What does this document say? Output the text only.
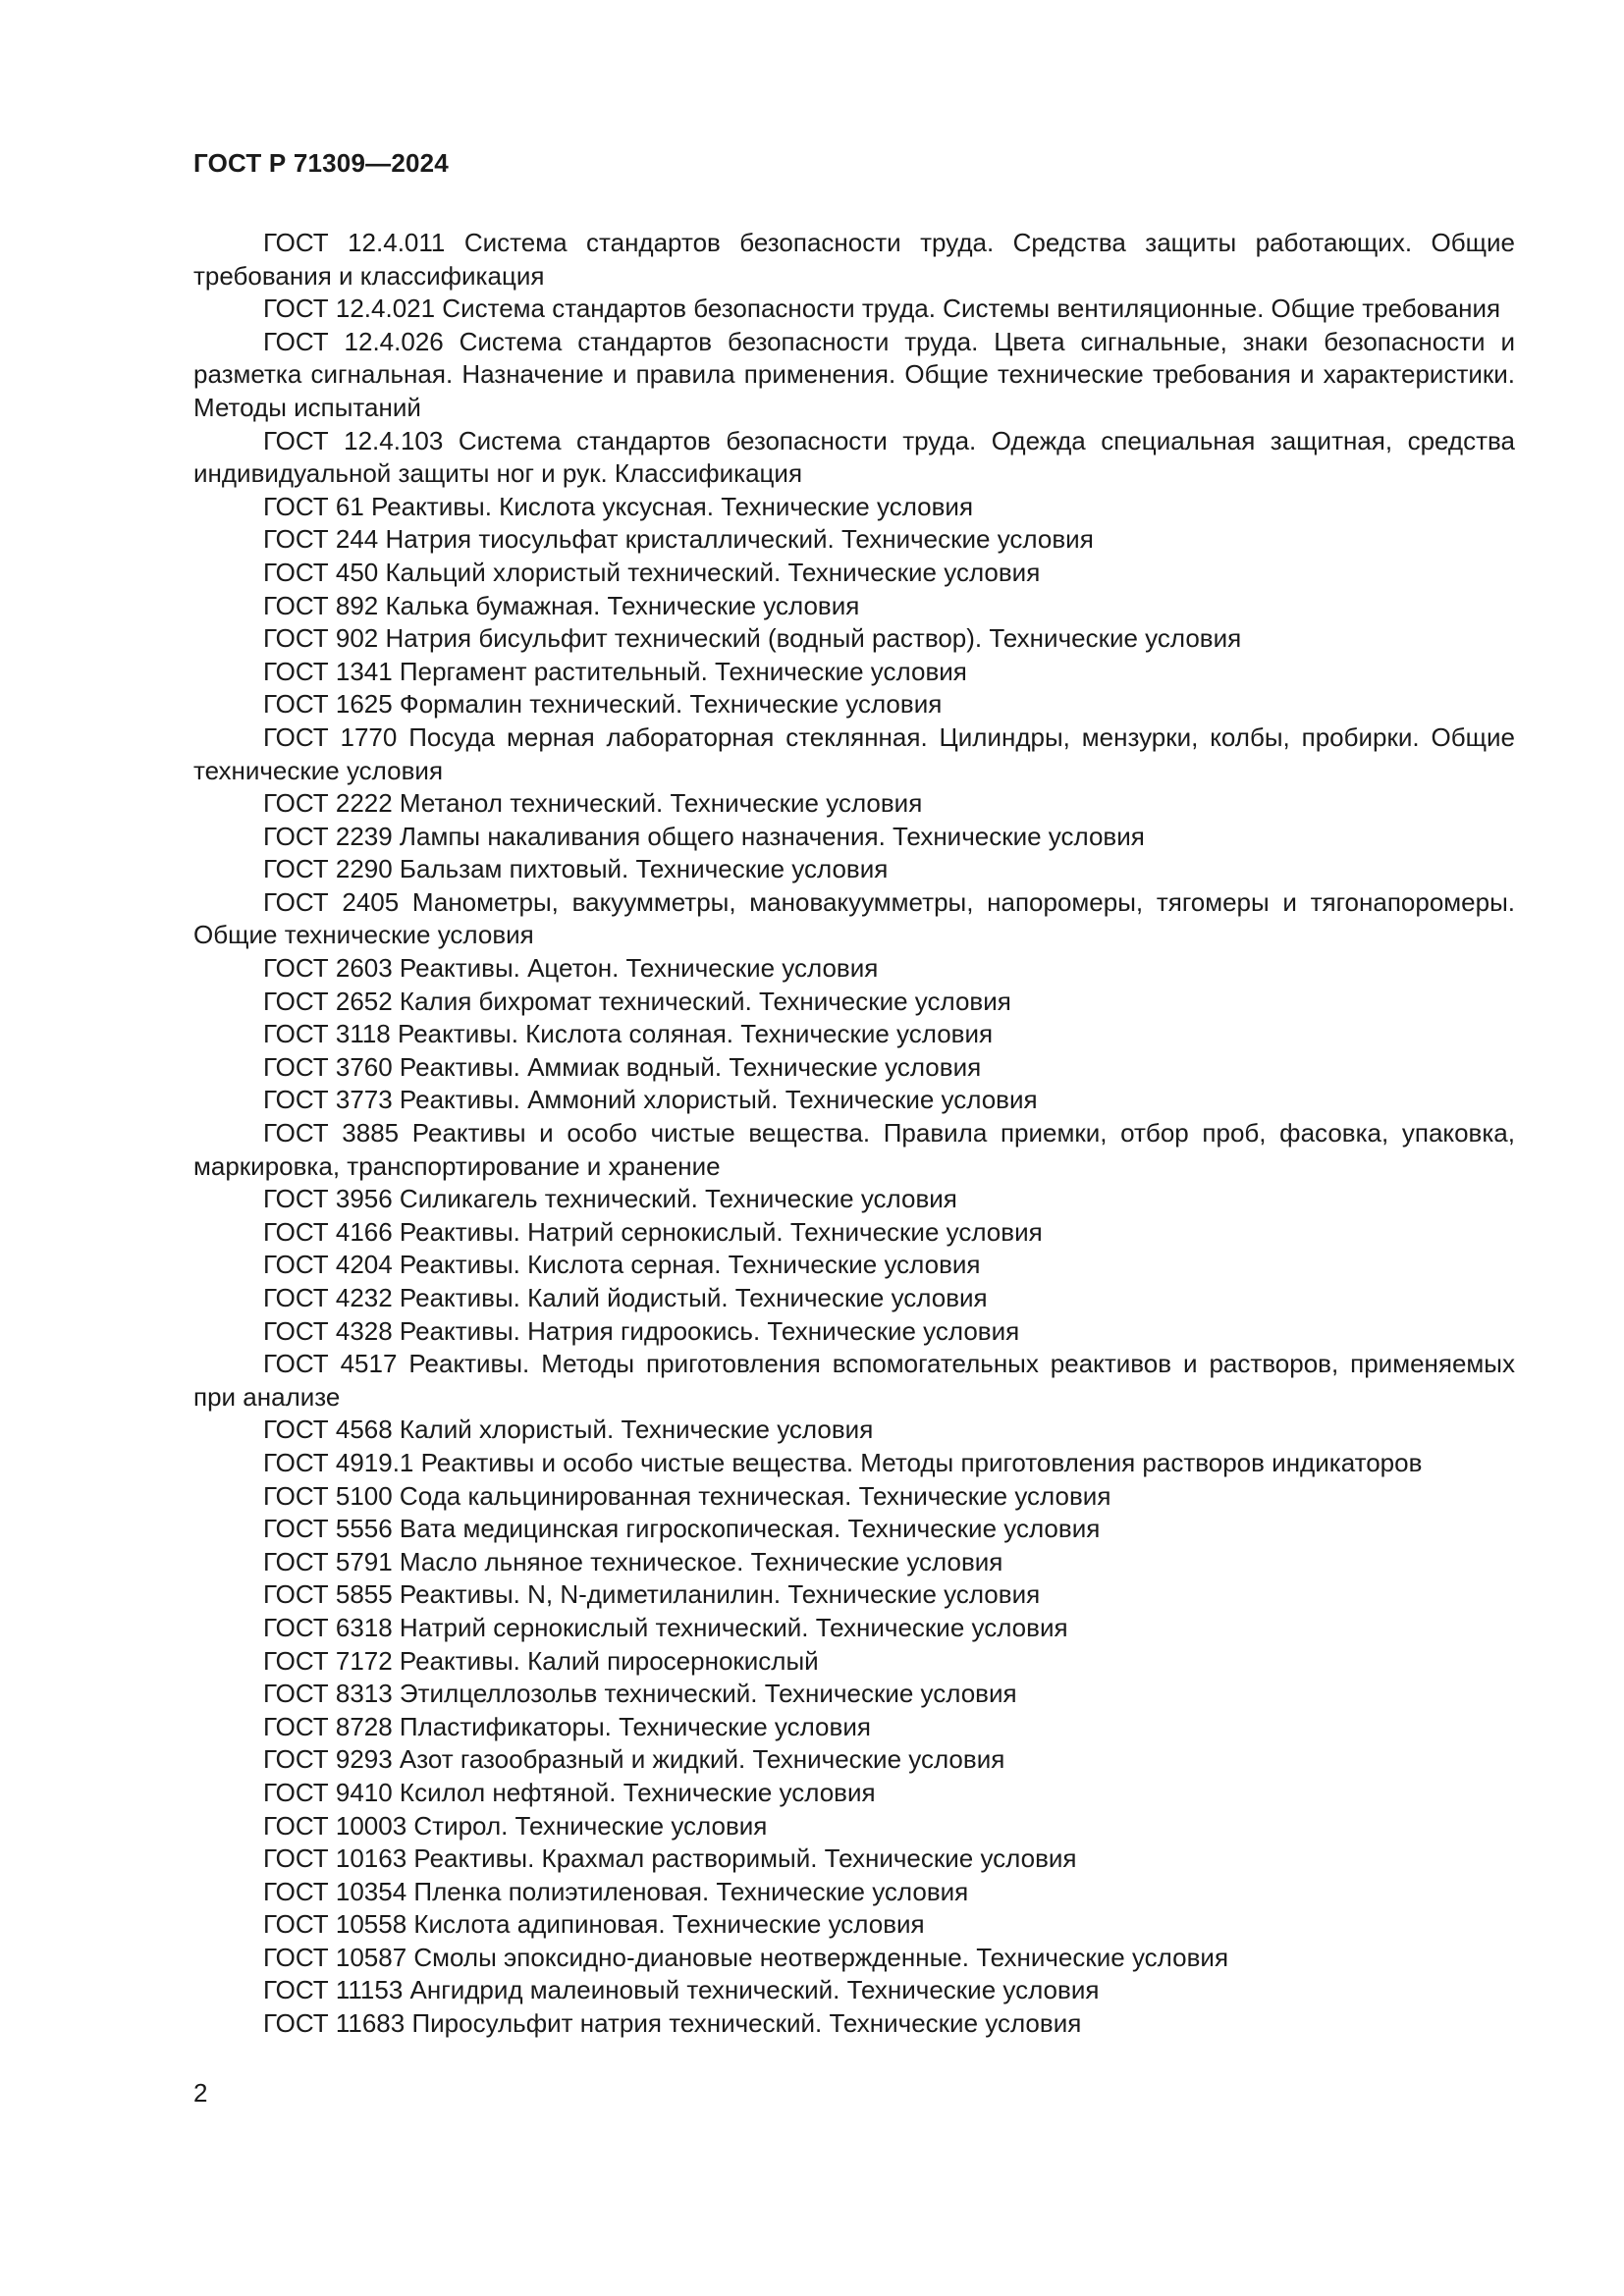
ГОСТ Р 71309—2024

ГОСТ 12.4.011 Система стандартов безопасности труда. Средства защиты работающих. Общие требования и классификация

ГОСТ 12.4.021 Система стандартов безопасности труда. Системы вентиляционные. Общие требования

ГОСТ 12.4.026 Система стандартов безопасности труда. Цвета сигнальные, знаки безопасности и разметка сигнальная. Назначение и правила применения. Общие технические требования и характеристики. Методы испытаний

ГОСТ 12.4.103 Система стандартов безопасности труда. Одежда специальная защитная, средства индивидуальной защиты ног и рук. Классификация

ГОСТ 61 Реактивы. Кислота уксусная. Технические условия

ГОСТ 244 Натрия тиосульфат кристаллический. Технические условия

ГОСТ 450 Кальций хлористый технический. Технические условия

ГОСТ 892 Калька бумажная. Технические условия

ГОСТ 902 Натрия бисульфит технический (водный раствор). Технические условия

ГОСТ 1341 Пергамент растительный. Технические условия

ГОСТ 1625 Формалин технический. Технические условия

ГОСТ 1770 Посуда мерная лабораторная стеклянная. Цилиндры, мензурки, колбы, пробирки. Общие технические условия

ГОСТ 2222 Метанол технический. Технические условия

ГОСТ 2239 Лампы накаливания общего назначения. Технические условия

ГОСТ 2290 Бальзам пихтовый. Технические условия

ГОСТ 2405 Манометры, вакуумметры, мановакуумметры, напоромеры, тягомеры и тягонапоромеры. Общие технические условия

ГОСТ 2603 Реактивы. Ацетон. Технические условия

ГОСТ 2652 Калия бихромат технический. Технические условия

ГОСТ 3118 Реактивы. Кислота соляная. Технические условия

ГОСТ 3760 Реактивы. Аммиак водный. Технические условия

ГОСТ 3773 Реактивы. Аммоний хлористый. Технические условия

ГОСТ 3885 Реактивы и особо чистые вещества. Правила приемки, отбор проб, фасовка, упаковка, маркировка, транспортирование и хранение

ГОСТ 3956 Силикагель технический. Технические условия

ГОСТ 4166 Реактивы. Натрий сернокислый. Технические условия

ГОСТ 4204 Реактивы. Кислота серная. Технические условия

ГОСТ 4232 Реактивы. Калий йодистый. Технические условия

ГОСТ 4328 Реактивы. Натрия гидроокись. Технические условия

ГОСТ 4517 Реактивы. Методы приготовления вспомогательных реактивов и растворов, применяемых при анализе

ГОСТ 4568 Калий хлористый. Технические условия

ГОСТ 4919.1 Реактивы и особо чистые вещества. Методы приготовления растворов индикаторов

ГОСТ 5100 Сода кальцинированная техническая. Технические условия

ГОСТ 5556 Вата медицинская гигроскопическая. Технические условия

ГОСТ 5791 Масло льняное техническое. Технические условия

ГОСТ 5855 Реактивы. N, N-диметиланилин. Технические условия

ГОСТ 6318 Натрий сернокислый технический. Технические условия

ГОСТ 7172 Реактивы. Калий пиросернокислый

ГОСТ 8313 Этилцеллозольв технический. Технические условия

ГОСТ 8728 Пластификаторы. Технические условия

ГОСТ 9293 Азот газообразный и жидкий. Технические условия

ГОСТ 9410 Ксилол нефтяной. Технические условия

ГОСТ 10003 Стирол. Технические условия

ГОСТ 10163 Реактивы. Крахмал растворимый. Технические условия

ГОСТ 10354 Пленка полиэтиленовая. Технические условия

ГОСТ 10558 Кислота адипиновая. Технические условия

ГОСТ 10587 Смолы эпоксидно-диановые неотвержденные. Технические условия

ГОСТ 11153 Ангидрид малеиновый технический. Технические условия

ГОСТ 11683 Пиросульфит натрия технический. Технические условия

2
